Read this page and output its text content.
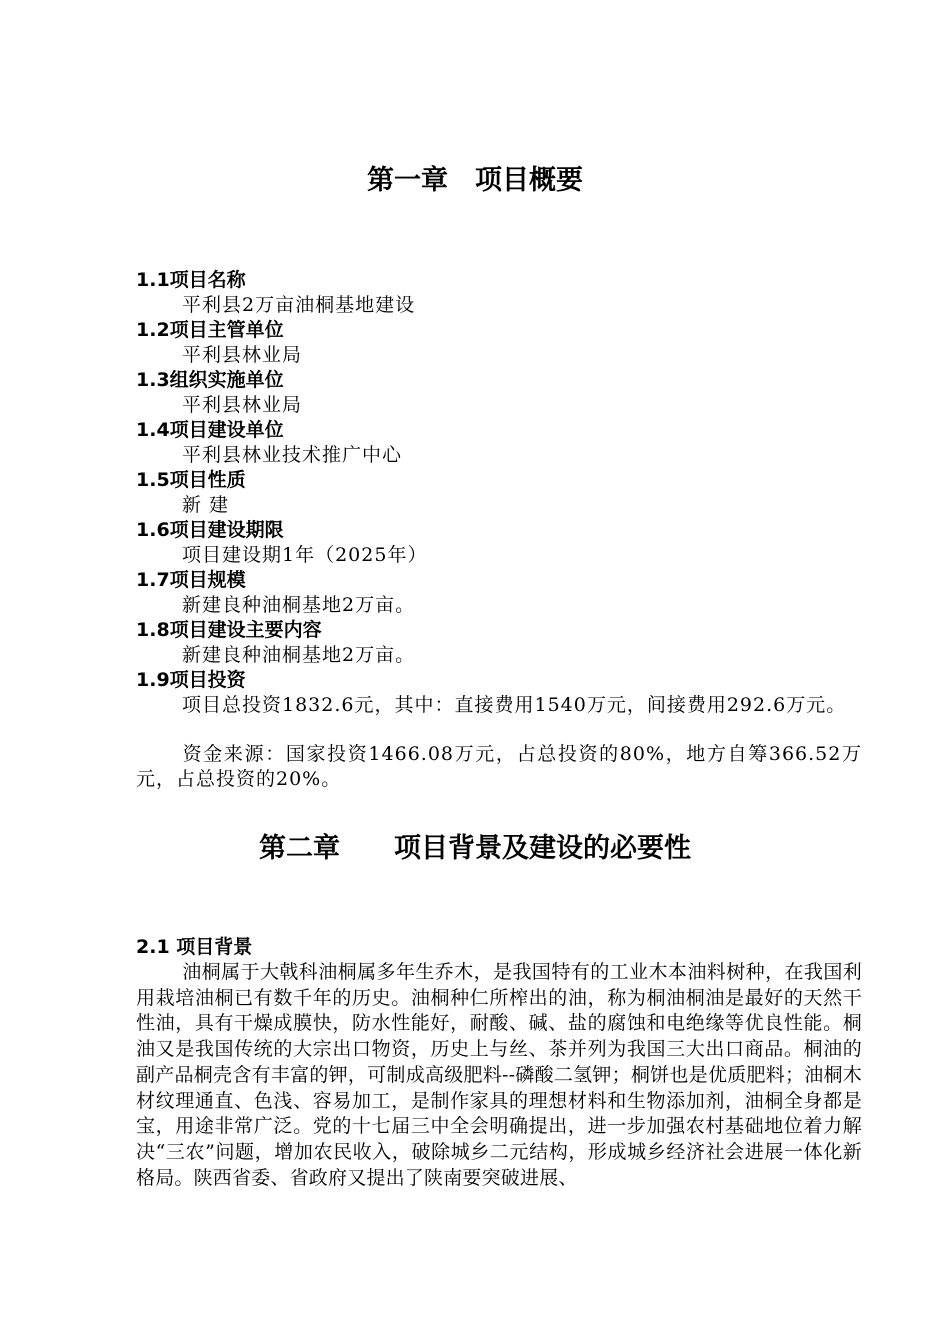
第一章　项目概要
1.1项目名称
平利县2万亩油桐基地建设
1.2项目主管单位
平利县林业局
1.3组织实施单位
平利县林业局
1.4项目建设单位
平利县林业技术推广中心
1.5项目性质
新 建
1.6项目建设期限
项目建设期1年（2025年）
1.7项目规模
新建良种油桐基地2万亩。
1.8项目建设主要内容
新建良种油桐基地2万亩。
1.9项目投资

项目总投资1832.6元，其中：直接费用1540万元，间接费用292.6万元。

资金来源：国家投资1466.08万元，占总投资的80%，地方自筹366.52万元，占总投资的20%。

第二章　　项目背景及建设的必要性
2.1 项目背景

油桐属于大戟科油桐属多年生乔木，是我国特有的工业木本油料树种，在我国利用栽培油桐已有数千年的历史。油桐种仁所榨出的油，称为桐油桐油是最好的天然干性油，具有干燥成膜快，防水性能好，耐酸、碱、盐的腐蚀和电绝缘等优良性能。桐油又是我国传统的大宗出口物资，历史上与丝、茶并列为我国三大出口商品。桐油的副产品桐壳含有丰富的钾，可制成高级肥料--磷酸二氢钾；桐饼也是优质肥料；油桐木材纹理通直、色浅、容易加工，是制作家具的理想材料和生物添加剂，油桐全身都是宝，用途非常广泛。党的十七届三中全会明确提出，进一步加强农村基础地位着力解决“三农”问题，增加农民收入，破除城乡二元结构，形成城乡经济社会进展一体化新格局。陕西省委、省政府又提出了陕南要突破进展、
